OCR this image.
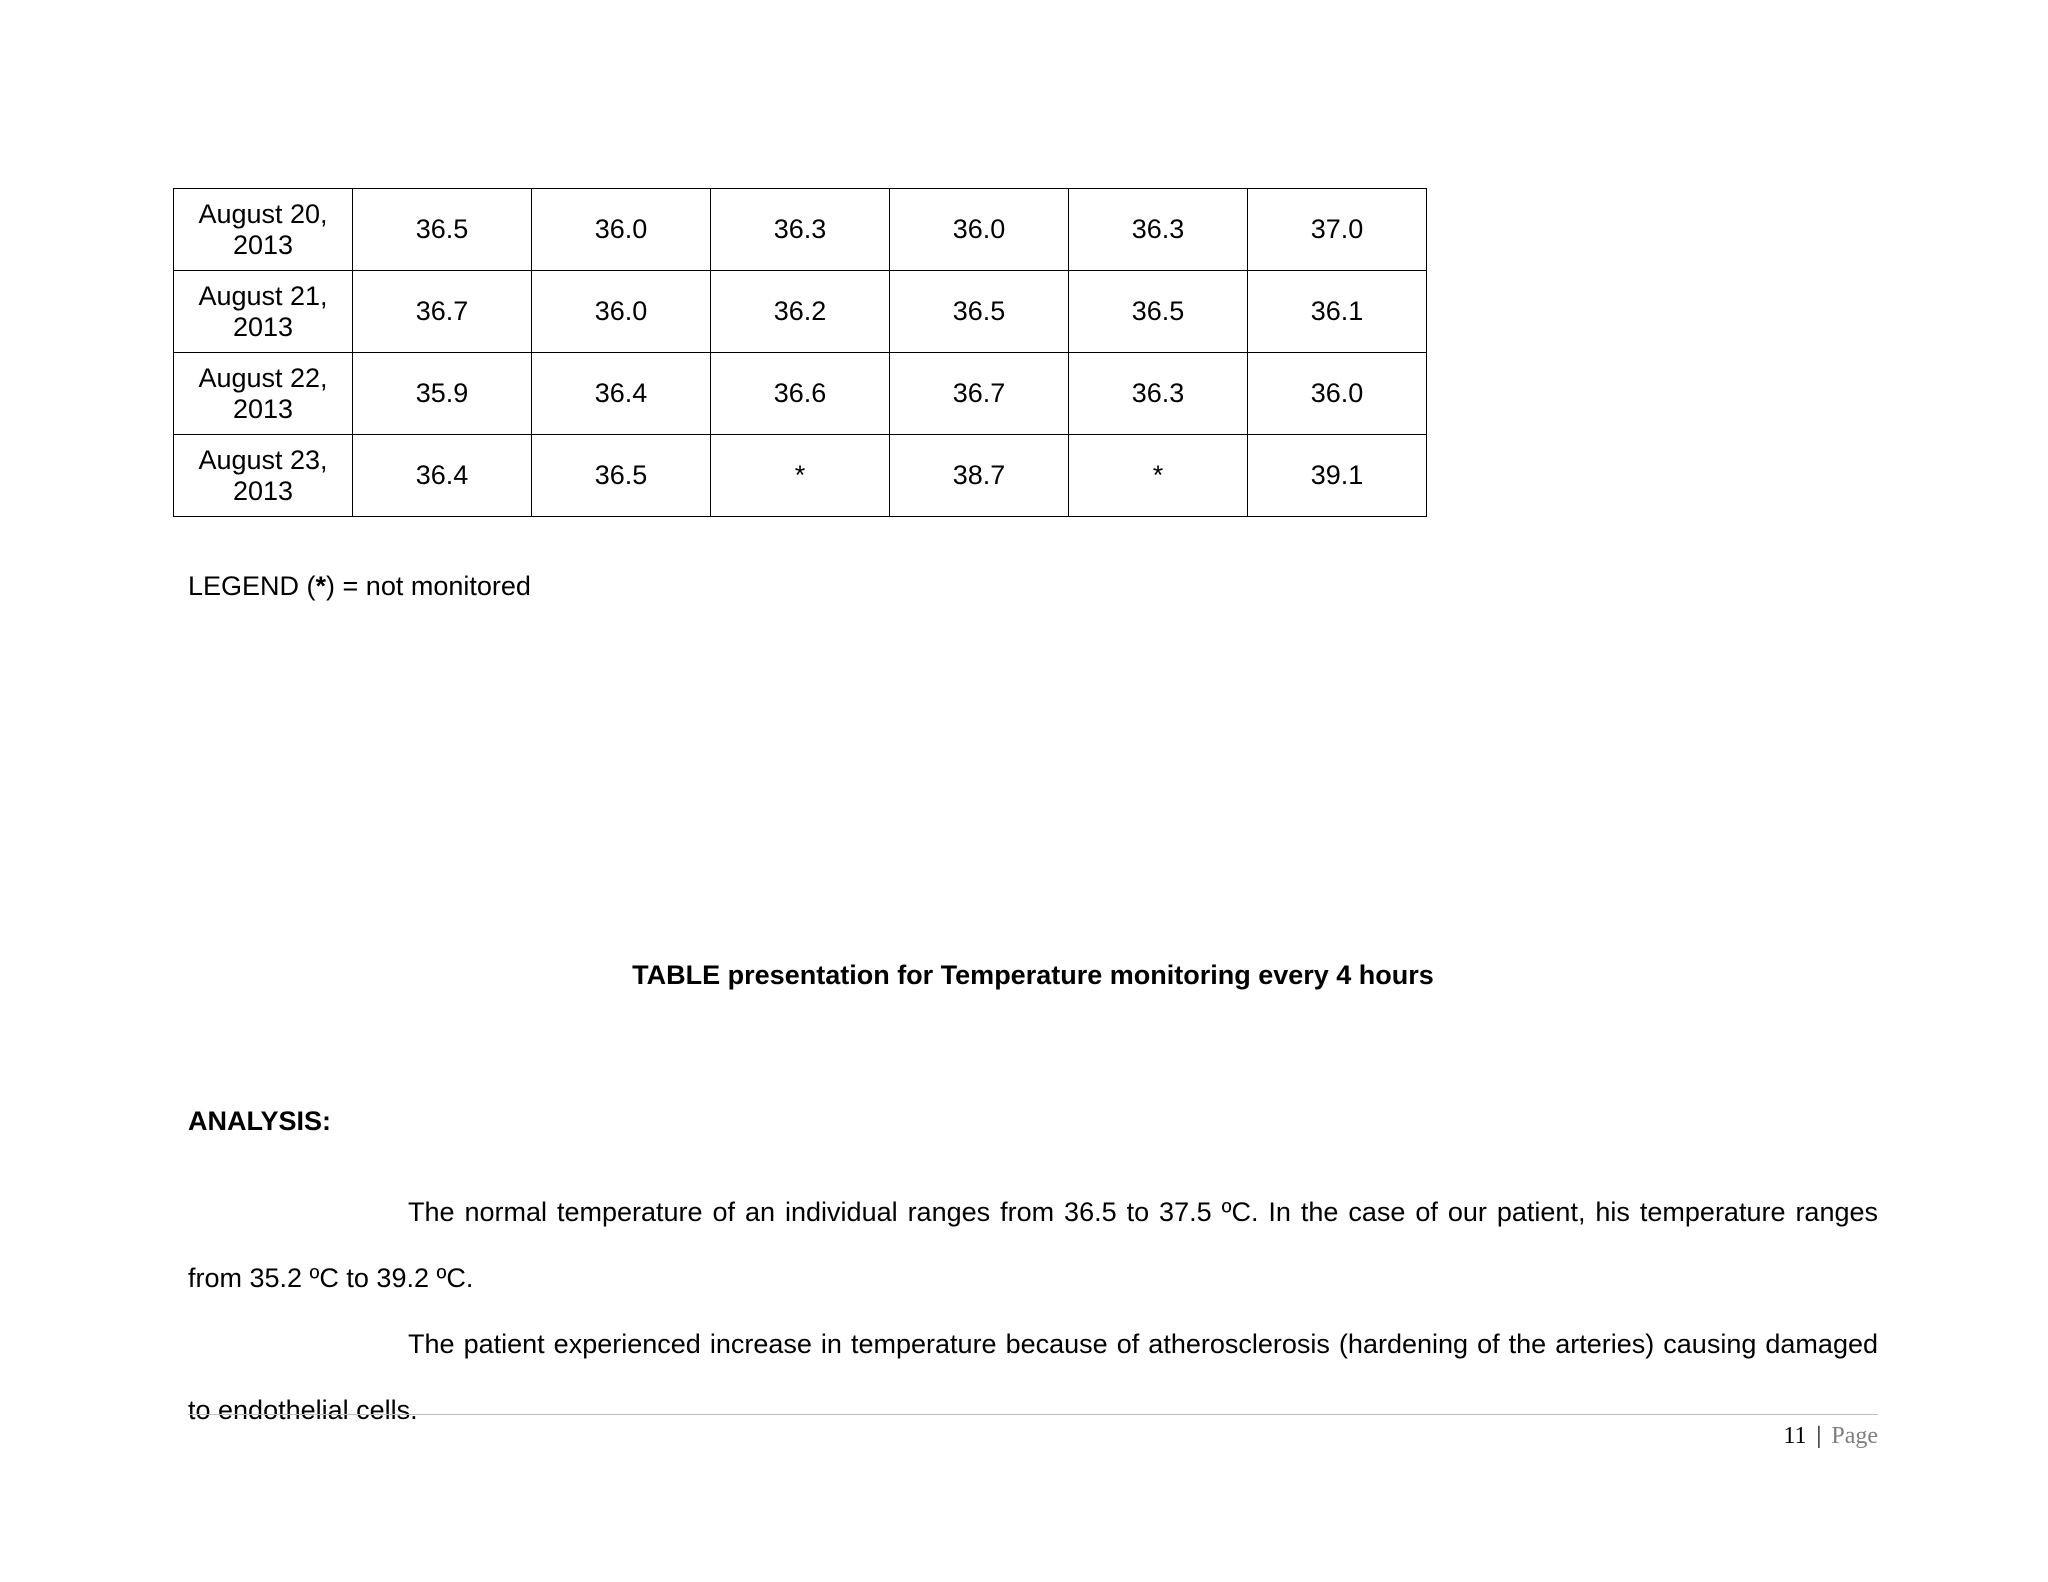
August 20,
2013	36.5	36.0	36.3	36.0	36.3	37.0

August 21,
2013	36.7	36.0	36.2	36.5	36.5	36.1

August 22,
2013	35.9	36.4	36.6	36.7	36.3	36.0

August 23,
2013	36.4	36.5	*	38.7	*	39.1
LEGEND (*) = not monitored
TABLE presentation for Temperature monitoring every 4 hours
ANALYSIS:

The normal temperature of an individual ranges from 36.5 to 37.5 ºC. In the case of our patient, his temperature ranges from 35.2 ºC to 39.2 ºC.

The patient experienced increase in temperature because of atherosclerosis (hardening of the arteries) causing damaged to endothelial cells.

11 | Page
